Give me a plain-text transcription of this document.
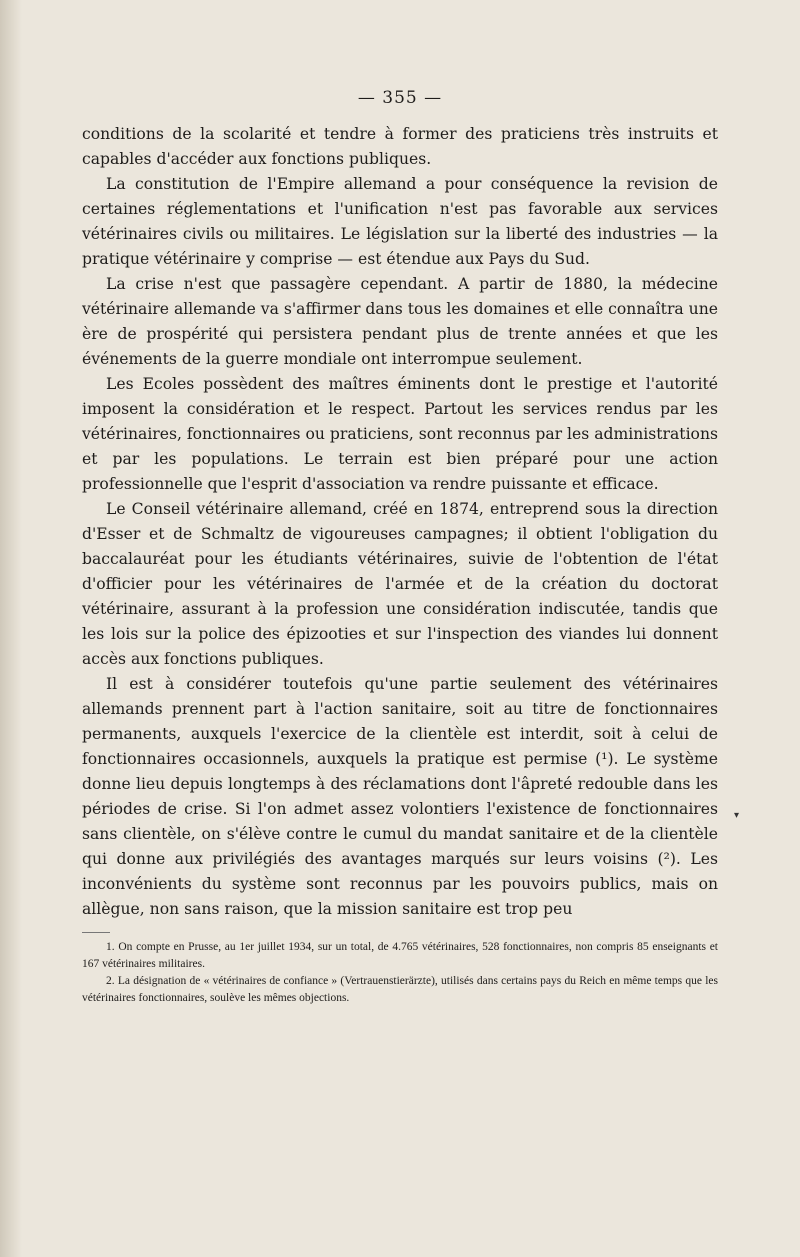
— 355 —

conditions de la scolarité et tendre à former des praticiens très instruits et capables d'accéder aux fonctions publiques.

La constitution de l'Empire allemand a pour conséquence la revision de certaines réglementations et l'unification n'est pas favorable aux services vétérinaires civils ou militaires. Le législation sur la liberté des industries — la pratique vétérinaire y comprise — est étendue aux Pays du Sud.

La crise n'est que passagère cependant. A partir de 1880, la médecine vétérinaire allemande va s'affirmer dans tous les domaines et elle connaîtra une ère de prospérité qui persistera pendant plus de trente années et que les événements de la guerre mondiale ont interrompue seulement.

Les Ecoles possèdent des maîtres éminents dont le prestige et l'autorité imposent la considération et le respect. Partout les services rendus par les vétérinaires, fonctionnaires ou praticiens, sont reconnus par les administrations et par les populations. Le terrain est bien préparé pour une action professionnelle que l'esprit d'association va rendre puissante et efficace.

Le Conseil vétérinaire allemand, créé en 1874, entreprend sous la direction d'Esser et de Schmaltz de vigoureuses campagnes; il obtient l'obligation du baccalauréat pour les étudiants vétérinaires, suivie de l'obtention de l'état d'officier pour les vétérinaires de l'armée et de la création du doctorat vétérinaire, assurant à la profession une considération indiscutée, tandis que les lois sur la police des épizooties et sur l'inspection des viandes lui donnent accès aux fonctions publiques.

Il est à considérer toutefois qu'une partie seulement des vétérinaires allemands prennent part à l'action sanitaire, soit au titre de fonctionnaires permanents, auxquels l'exercice de la clientèle est interdit, soit à celui de fonctionnaires occasionnels, auxquels la pratique est permise (¹). Le système donne lieu depuis longtemps à des réclamations dont l'âpreté redouble dans les périodes de crise. Si l'on admet assez volontiers l'existence de fonctionnaires sans clientèle, on s'élève contre le cumul du mandat sanitaire et de la clientèle qui donne aux privilégiés des avantages marqués sur leurs voisins (²). Les inconvénients du système sont reconnus par les pouvoirs publics, mais on allègue, non sans raison, que la mission sanitaire est trop peu

1. On compte en Prusse, au 1er juillet 1934, sur un total, de 4.765 vétérinaires, 528 fonctionnaires, non compris 85 enseignants et 167 vétérinaires militaires.

2. La désignation de « vétérinaires de confiance » (Vertrauenstierärzte), utilisés dans certains pays du Reich en même temps que les vétérinaires fonctionnaires, soulève les mêmes objections.

▾
